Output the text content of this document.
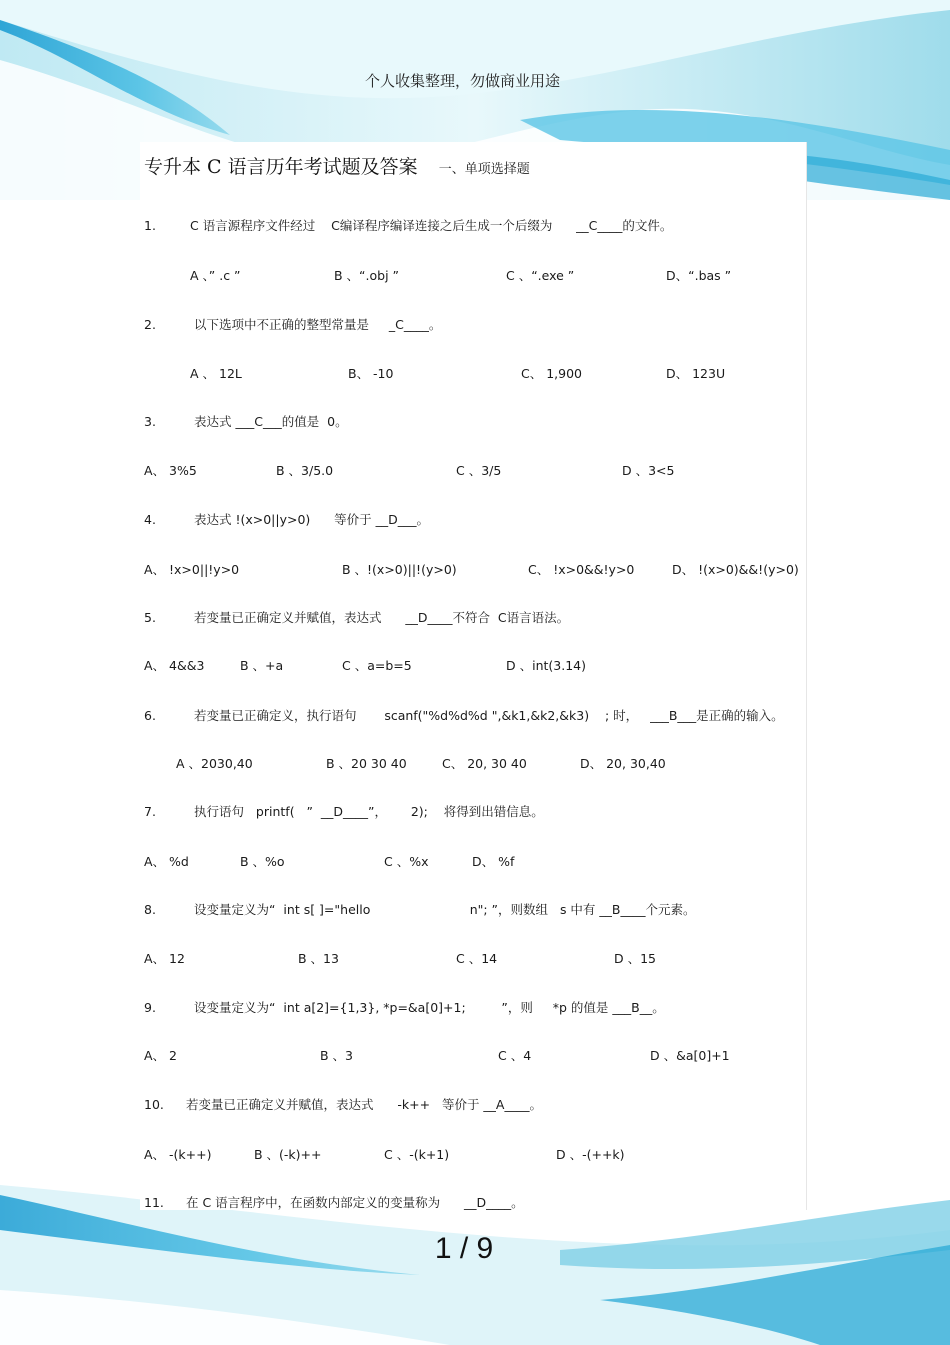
个人收集整理，勿做商业用途
专升本 C 语言历年考试题及答案 一、单项选择题
1.	C 语言源程序文件经过    C编译程序编译连接之后生成一个后缀为      __C____的文件。
A 、” .c ”	B 、“.obj ”	C 、“.exe ”	D、“.bas ”
2.	以下选项中不正确的整型常量是     _C____。
A 、 12L	B、 -10	C、 1,900	D、 123U
3.	表达式 ___C___的值是  0。
A、 3%5	B 、3/5.0	C 、3/5	D 、3<5
4.	表达式 !(x>0||y>0)      等价于 __D___。
A、 !x>0||!y>0	B 、!(x>0)||!(y>0)	C、 !x>0&&!y>0	D、 !(x>0)&&!(y>0)
5.	若变量已正确定义并赋值，表达式      __D____不符合  C语言语法。
A、 4&&3	B 、+a	C 、a=b=5	D 、int(3.14)
6.	若变量已正确定义，执行语句       scanf("%d%d%d ",&k1,&k2,&k3)    ; 时，   ___B___是正确的输入。
A 、2030,40	B 、20 30 40	C、 20, 30 40	D、 20, 30,40
7.	执行语句   printf(   ”  __D____”，      2);    将得到出错信息。
A、 %d	B 、%o	C 、%x	D、 %f
8.	设变量定义为“  int s[ ]="hello                         n"; ”，则数组   s 中有 __B____个元素。
A、 12	B 、13	C 、14	D 、15
9.	设变量定义为“  int a[2]={1,3}, *p=&a[0]+1;         ”，则     *p 的值是 ___B__。
A、 2	B 、3	C 、4	D 、&a[0]+1
10. 若变量已正确定义并赋值，表达式      -k++   等价于 __A____。
A、 -(k++)	B 、(-k)++	C 、-(k+1)	D 、-(++k)
11. 在 C 语言程序中，在函数内部定义的变量称为      __D____。
1 / 9
